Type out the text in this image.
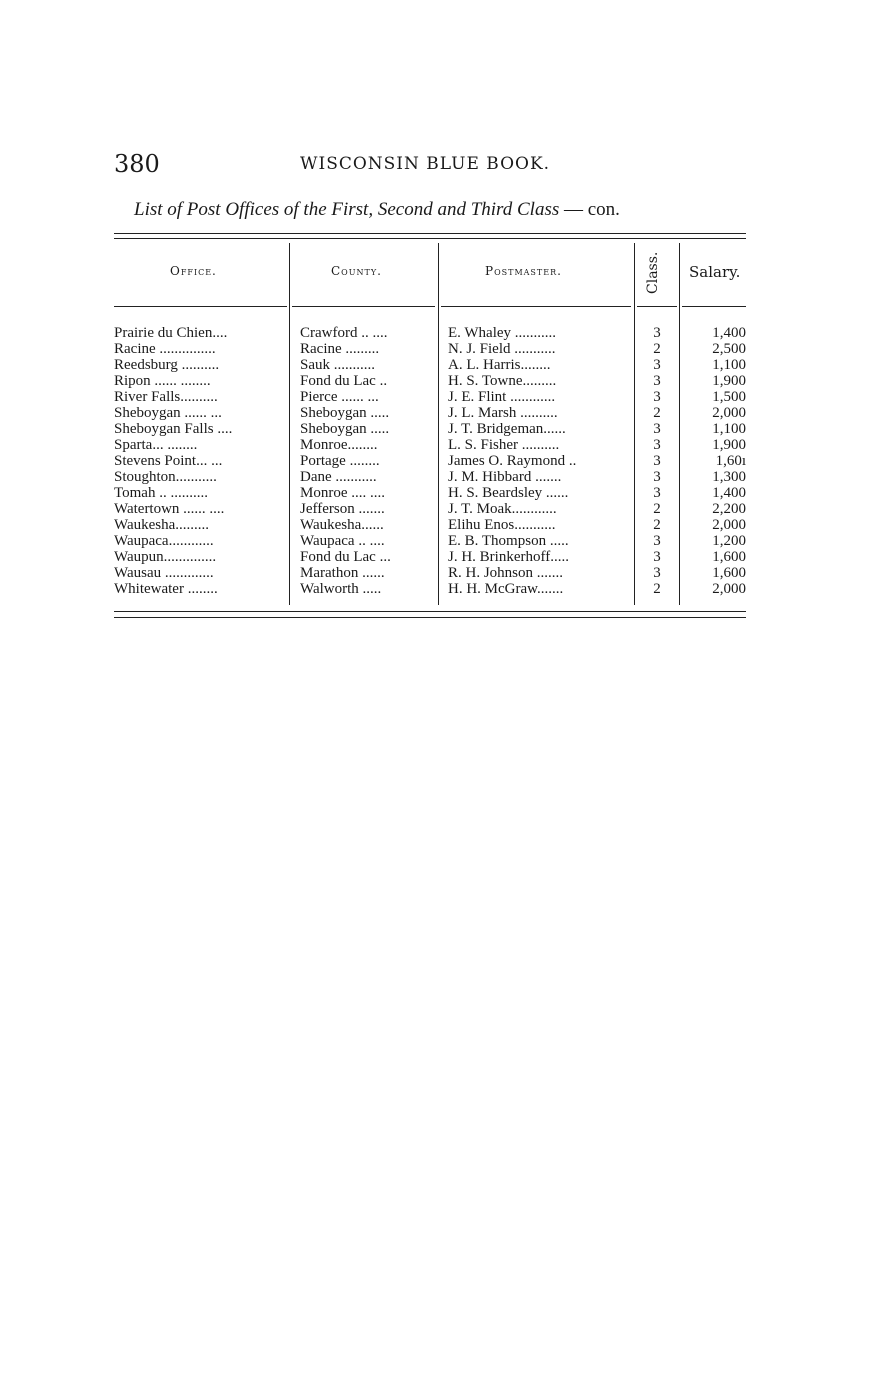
380	WISCONSIN BLUE BOOK.
List of Post Offices of the First, Second and Third Class — con.
Office.	County.	Postmaster.	Class. Salary.
Prairie du Chien....	Crawford .. ....	E. Whaley ...........	3	1,400
Racine ...............	Racine .........	N. J. Field ...........	2	2,500
Reedsburg ..........	Sauk ...........	A. L. Harris........	3	1,100
Ripon ...... ........	Fond du Lac ..	H. S. Towne.........	3	1,900
River Falls..........	Pierce ...... ...	J. E. Flint ............	3	1,500
Sheboygan ...... ...	Sheboygan .....	J. L. Marsh ..........	2	2,000
Sheboygan Falls ....	Sheboygan .....	J. T. Bridgeman......	3	1,100
Sparta... ........	Monroe........	L. S. Fisher ..........	3	1,900
Stevens Point... ...	Portage ........	James O. Raymond ..	3	1,60ı
Stoughton...........	Dane ...........	J. M. Hibbard .......	3	1,300
Tomah .. ..........	Monroe .... ....	H. S. Beardsley ......	3	1,400
Watertown ...... ....	Jefferson .......	J. T. Moak............	2	2,200
Waukesha.........	Waukesha......	Elihu Enos...........	2	2,000
Waupaca............	Waupaca .. ....	E. B. Thompson .....	3	1,200
Waupun..............	Fond du Lac ...	J. H. Brinkerhoff.....	3	1,600
Wausau .............	Marathon ......	R. H. Johnson .......	3	1,600
Whitewater ........	Walworth .....	H. H. McGraw.......	2	2,000
